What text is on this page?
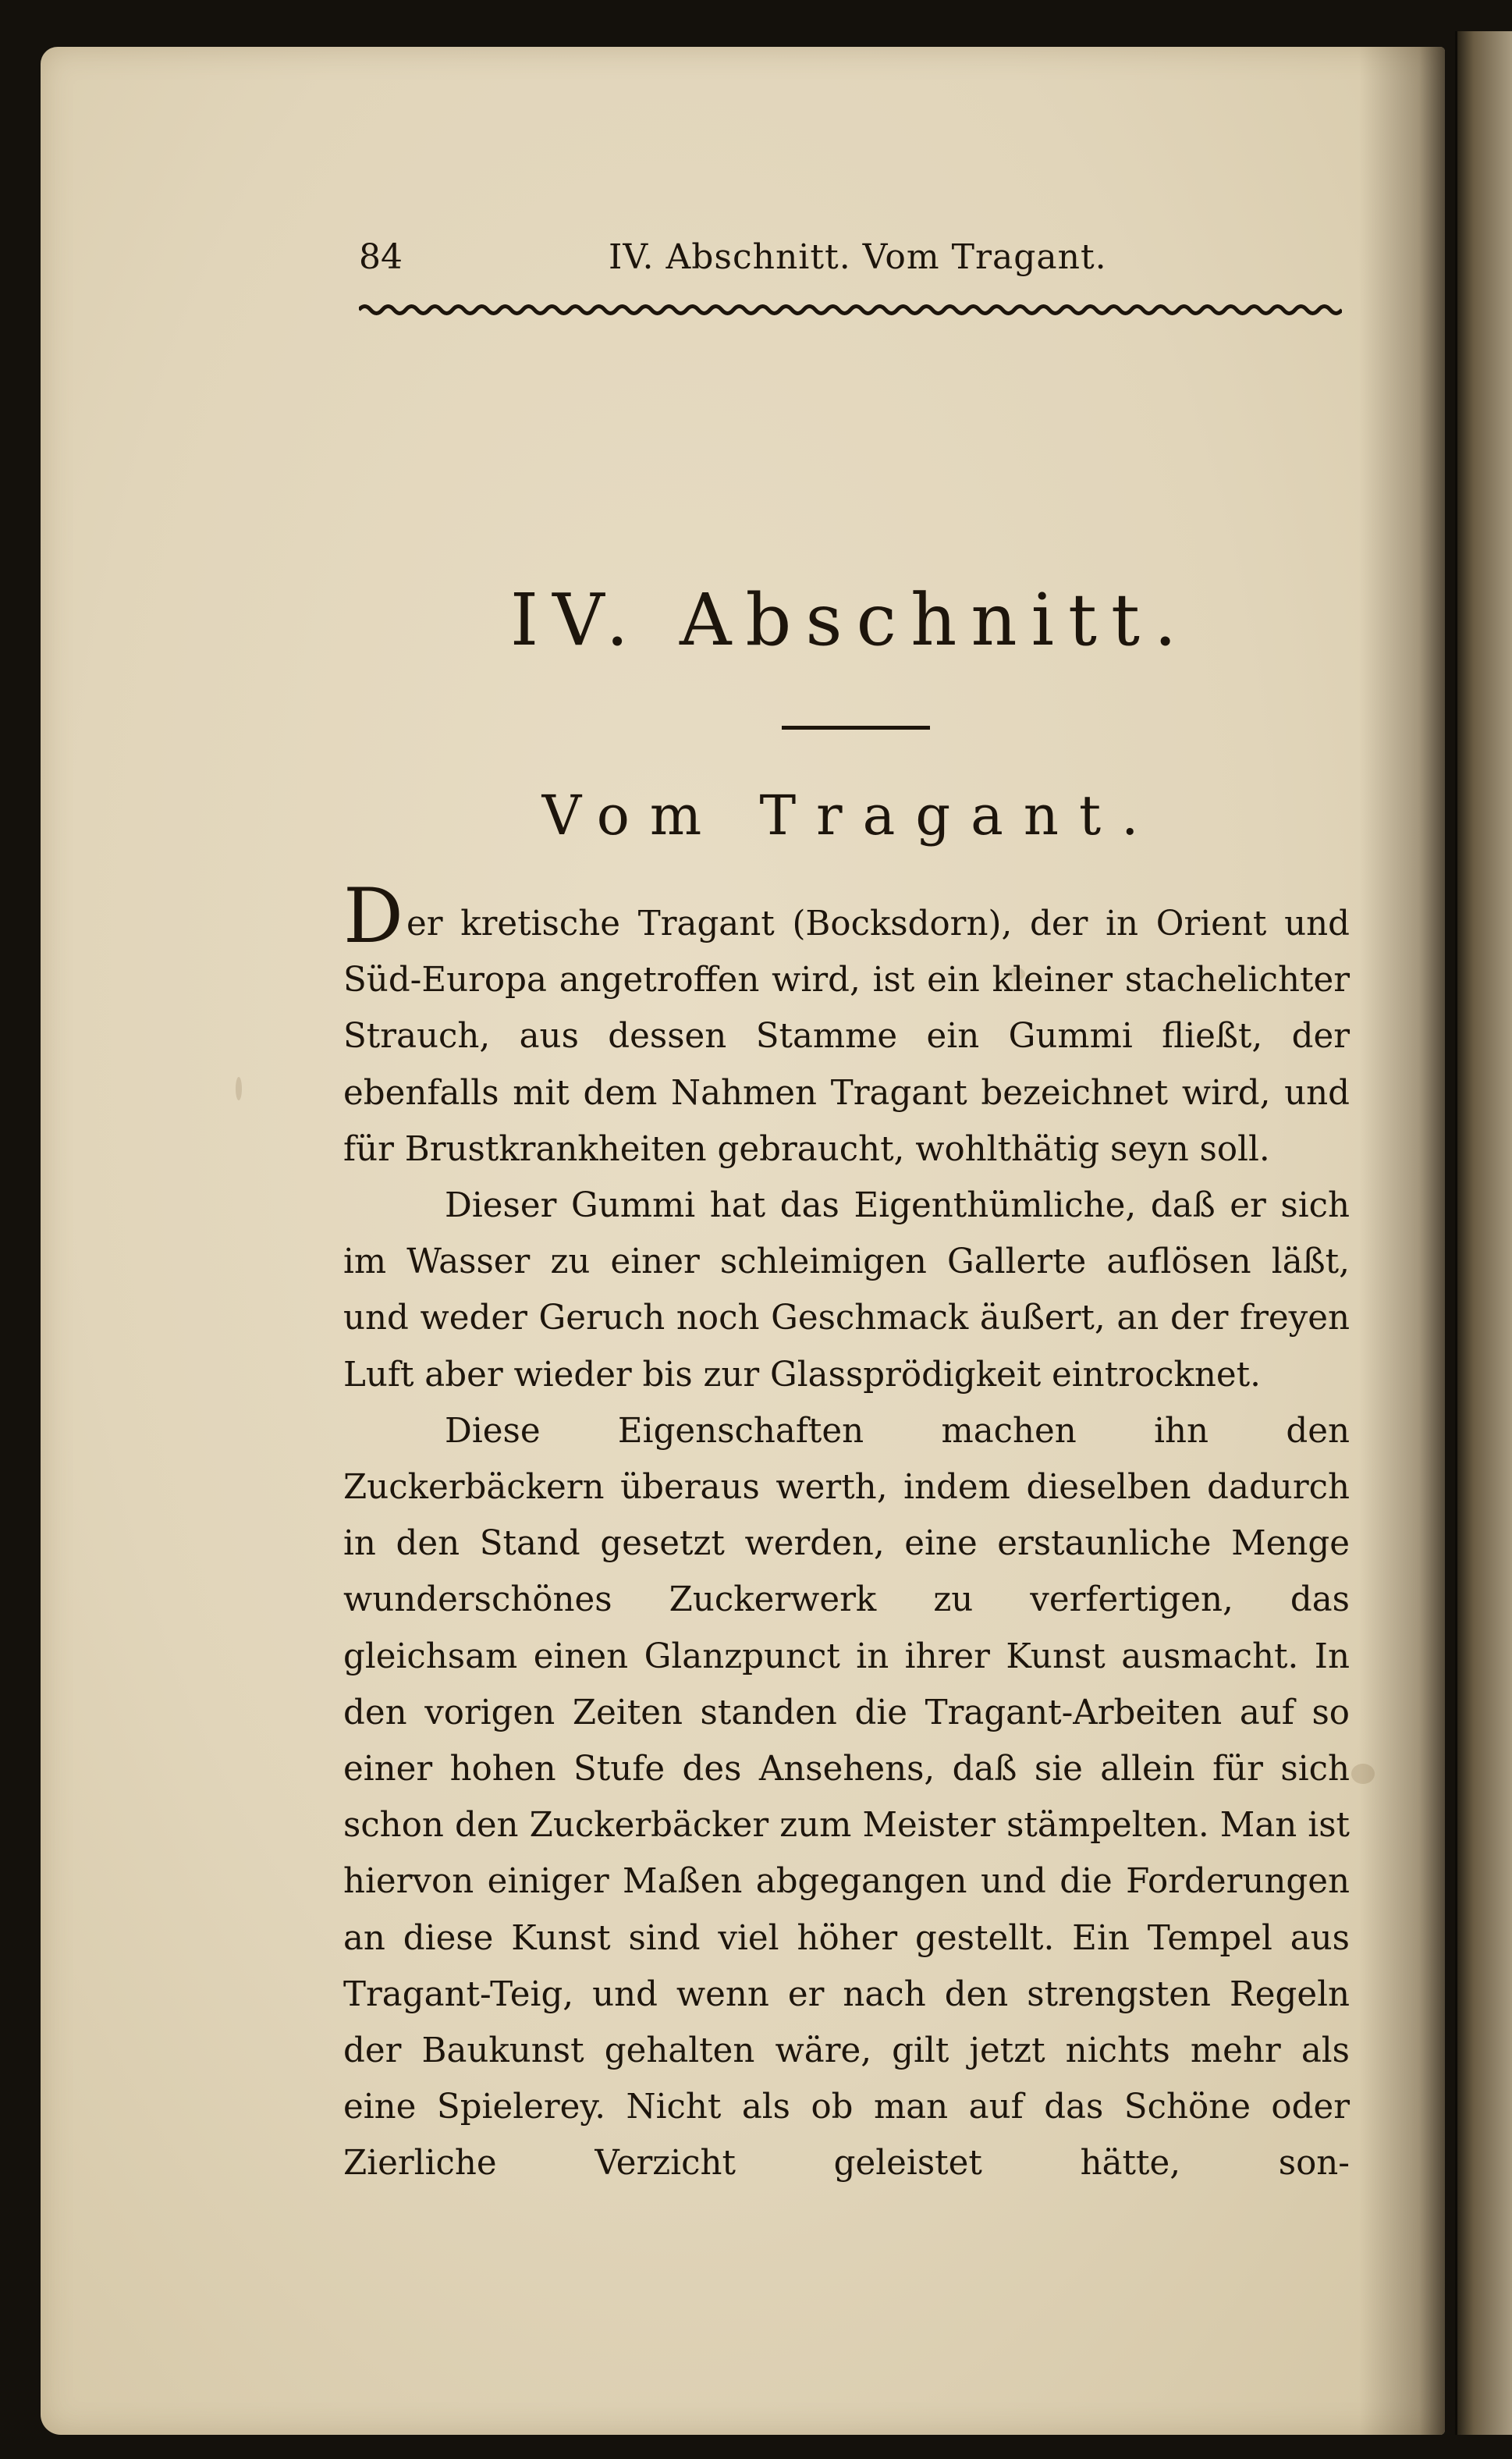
84	IV. Abschnitt. Vom Tragant.
IV. Abschnitt.
Vom Tragant.

Der kretische Tragant (Bocksdorn), der in Orient und Süd-Europa angetroffen wird, ist ein kleiner stachelichter Strauch, aus dessen Stamme ein Gummi fließt, der ebenfalls mit dem Nahmen Tragant bezeichnet wird, und für Brustkrankheiten gebraucht, wohlthätig seyn soll.

Dieser Gummi hat das Eigenthümliche, daß er sich im Wasser zu einer schleimigen Gallerte auflösen läßt, und weder Geruch noch Geschmack äußert, an der freyen Luft aber wieder bis zur Glassprödigkeit eintrocknet.

Diese Eigenschaften machen ihn den Zuckerbäckern überaus werth, indem dieselben dadurch in den Stand gesetzt werden, eine erstaunliche Menge wunderschönes Zuckerwerk zu verfertigen, das gleichsam einen Glanzpunct in ihrer Kunst ausmacht. In den vorigen Zeiten standen die Tragant-Arbeiten auf so einer hohen Stufe des Ansehens, daß sie allein für sich schon den Zuckerbäcker zum Meister stämpelten. Man ist hiervon einiger Maßen abgegangen und die Forderungen an diese Kunst sind viel höher gestellt. Ein Tempel aus Tragant-Teig, und wenn er nach den strengsten Regeln der Baukunst gehalten wäre, gilt jetzt nichts mehr als eine Spielerey. Nicht als ob man auf das Schöne oder Zierliche Verzicht geleistet hätte, son-
